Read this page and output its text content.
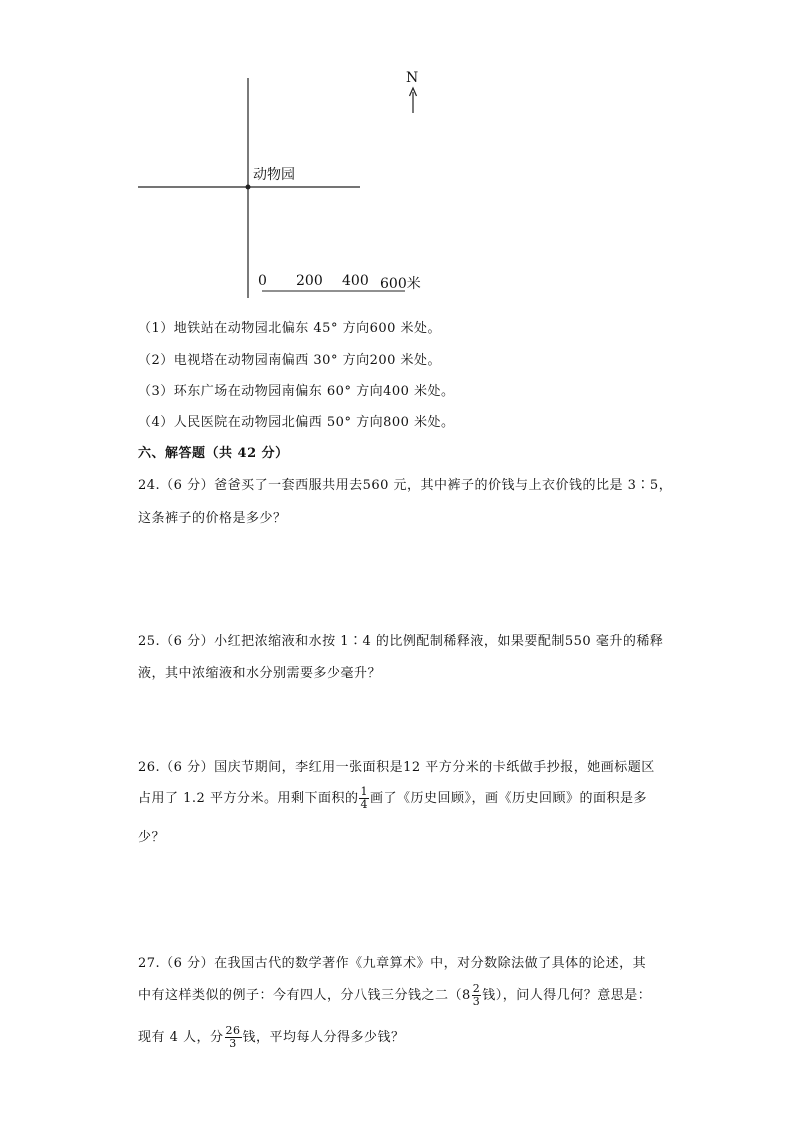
N
动物园
0 200 400 600米
（1）地铁站在动物园北偏东 45° 方向600 米处。
（2）电视塔在动物园南偏西 30° 方向200 米处。
（3）环东广场在动物园南偏东 60° 方向400 米处。
（4）人民医院在动物园北偏西 50° 方向800 米处。
六、解答题（共 42 分）
24.（6 分）爸爸买了一套西服共用去560 元，其中裤子的价钱与上衣价钱的比是 3∶5，
这条裤子的价格是多少？
25.（6 分）小红把浓缩液和水按 1∶4 的比例配制稀释液，如果要配制550 毫升的稀释
液，其中浓缩液和水分别需要多少毫升？
26.（6 分）国庆节期间，李红用一张面积是12 平方分米的卡纸做手抄报，她画标题区
占用了 1.2 平方分米。用剩下面积的 $\frac{1}{4}$ 画了《历史回顾》，画《历史回顾》的面积是多
少？
27.（6 分）在我国古代的数学著作《九章算术》中，对分数除法做了具体的论述，其
中有这样类似的例子：今有四人，分八钱三分钱之二（ $8 \frac{2}{3}$ 钱），问人得几何？意思是：
现有 4 人，分 $\frac{26}{3}$ 钱，平均每人分得多少钱？
